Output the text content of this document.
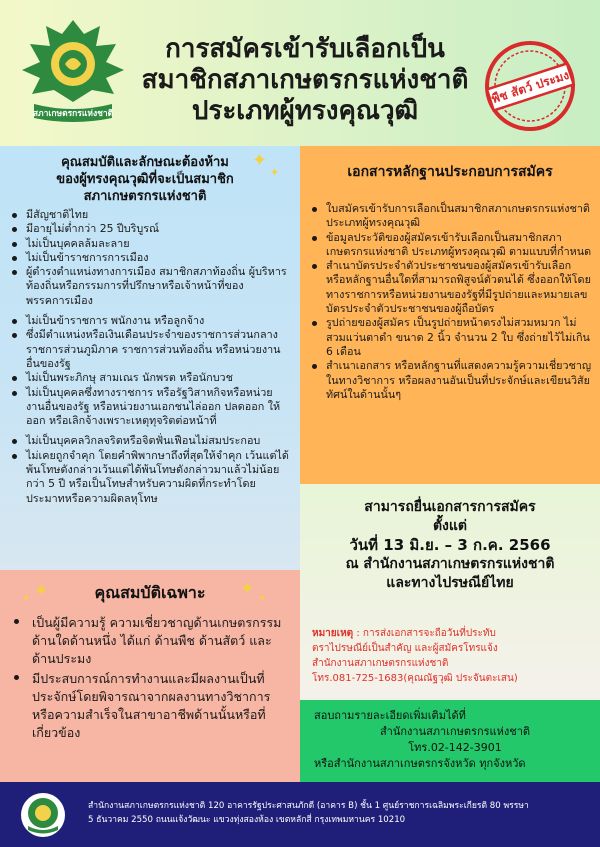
สภาเกษตรกรแห่งชาติ
การสมัครเข้ารับเลือกเป็น
สมาชิกสภาเกษตรกรแห่งชาติ
ประเภทผู้ทรงคุณวุฒิ
พืช สัตว์ ประมง
คุณสมบัติและลักษณะต้องห้าม
ของผู้ทรงคุณวุฒิที่จะเป็นสมาชิก
สภาเกษตรกรแห่งชาติ
✦
✦
มีสัญชาติไทย
มีอายุไม่ต่ำกว่า 25 ปีบริบูรณ์
ไม่เป็นบุคคลล้มละลาย
ไม่เป็นข้าราชการการเมือง
ผู้ดำรงตำแหน่งทางการเมือง สมาชิกสภาท้องถิ่น ผู้บริหารท้องถิ่นหรือกรรมการที่ปรึกษาหรือเจ้าหน้าที่ของพรรคการเมือง
ไม่เป็นข้าราชการ พนักงาน หรือลูกจ้าง
ซึ่งมีตำแหน่งหรือเงินเดือนประจำของราชการส่วนกลาง ราชการส่วนภูมิภาค ราชการส่วนท้องถิ่น หรือหน่วยงานอื่นของรัฐ
ไม่เป็นพระภิกษุ สามเณร นักพรต หรือนักบวช
ไม่เป็นบุคคลซึ่งทางราชการ หรือรัฐวิสาหกิจหรือหน่วยงานอื่นของรัฐ หรือหน่วยงานเอกชนไล่ออก ปลดออก ให้ออก หรือเลิกจ้างเพราะเหตุทุจริตต่อหน้าที่
ไม่เป็นบุคคลวิกลจริตหรือจิตฟั่นเฟือนไม่สมประกอบ
ไม่เคยถูกจำคุก โดยคำพิพากษาถึงที่สุดให้จำคุก เว้นแต่ได้พ้นโทษดังกล่าวเว้นแต่ได้พ้นโทษดังกล่าวมาแล้วไม่น้อยกว่า 5 ปี หรือเป็นโทษสำหรับความผิดที่กระทำโดยประมาทหรือความผิดลหุโทษ
เอกสารหลักฐานประกอบการสมัคร
ใบสมัครเข้ารับการเลือกเป็นสมาชิกสภาเกษตรกรแห่งชาติ ประเภทผู้ทรงคุณวุฒิ
ข้อมูลประวัติของผู้สมัครเข้ารับเลือกเป็นสมาชิกสภาเกษตรกรแห่งชาติ ประเภทผู้ทรงคุณวุฒิ ตามแบบที่กำหนด
สำเนาบัตรประจำตัวประชาชนของผู้สมัครเข้ารับเลือก หรือหลักฐานอื่นใดที่สามารถพิสูจน์ตัวตนได้ ซึ่งออกให้โดยทางราชการหรือหน่วยงานของรัฐที่มีรูปถ่ายและหมายเลขบัตรประจำตัวประชาชนของผู้ถือบัตร
รูปถ่ายของผู้สมัคร เป็นรูปถ่ายหน้าตรงไม่สวมหมวก ไม่สวมแว่นตาดำ ขนาด 2 นิ้ว จำนวน 2 ใบ ซึ่งถ่ายไว้ไม่เกิน 6 เดือน
สำเนาเอกสาร หรือหลักฐานที่แสดงความรู้ความเชี่ยวชาญ ในทางวิชาการ หรือผลงานอันเป็นที่ประจักษ์และเขียนวิสัยทัศน์ในด้านนั้นๆ
สามารถยื่นเอกสารการสมัคร
ตั้งแต่
วันที่ 13 มิ.ย. – 3 ก.ค. 2566
ณ สำนักงานสภาเกษตรกรแห่งชาติ
และทางไปรษณีย์ไทย
หมายเหตุ : การส่งเอกสารจะถือวันที่ประทับ
ตราไปรษณีย์เป็นสำคัญ และผู้สมัครโทรแจ้ง
สำนักงานสภาเกษตรกรแห่งชาติ
โทร.081-725-1683(คุณณัฐวุฒิ ประจันตะเสน)
✦
✦	คุณสมบัติเฉพาะ	✦ ✦
เป็นผู้มีความรู้ ความเชี่ยวชาญด้านเกษตรกรรมด้านใดด้านหนึ่ง ได้แก่ ด้านพืช ด้านสัตว์ และด้านประมง
มีประสบการณ์การทำงานและมีผลงานเป็นที่ประจักษ์โดยพิจารณาจากผลงานทางวิชาการหรือความสำเร็จในสาขาอาชีพด้านนั้นหรือที่เกี่ยวข้อง
สอบถามรายละเอียดเพิ่มเติมได้ที่
สำนักงานสภาเกษตรกรแห่งชาติ
โทร.02-142-3901
หรือสำนักงานสภาเกษตรกรจังหวัด ทุกจังหวัด
สำนักงานสภาเกษตรกรแห่งชาติ 120 อาคารรัฐประศาสนภักดี (อาคาร B) ชั้น 1 ศูนย์ราชการเฉลิมพระเกียรติ 80 พรรษา
5 ธันวาคม 2550 ถนนแจ้งวัฒนะ แขวงทุ่งสองห้อง เขตหลักสี่ กรุงเทพมหานคร 10210
